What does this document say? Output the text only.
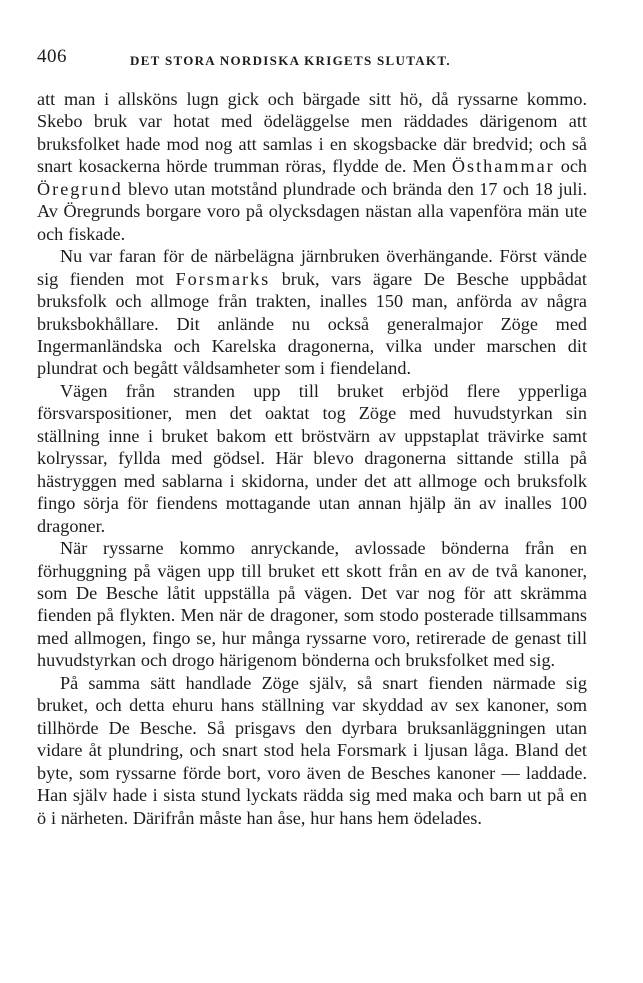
406	DET STORA NORDISKA KRIGETS SLUTAKT.

att man i allsköns lugn gick och bärgade sitt hö, då ryssarne kommo. Skebo bruk var hotat med ödeläggelse men räddades därigenom att bruksfolket hade mod nog att samlas i en skogsbacke där bredvid; och så snart kosackerna hörde trumman röras, flydde de. Men Östhammar och Öregrund blevo utan motstånd plundrade och brända den 17 och 18 juli. Av Öregrunds borgare voro på olycksdagen nästan alla vapenföra män ute och fiskade.

Nu var faran för de närbelägna järnbruken överhängande. Först vände sig fienden mot Forsmarks bruk, vars ägare De Besche uppbådat bruksfolk och allmoge från trakten, inalles 150 man, anförda av några bruksbokhållare. Dit anlände nu också generalmajor Zöge med Ingermanländska och Karelska dragonerna, vilka under marschen dit plundrat och begått våldsamheter som i fiendeland.

Vägen från stranden upp till bruket erbjöd flere ypperliga försvarspositioner, men det oaktat tog Zöge med huvudstyrkan sin ställning inne i bruket bakom ett bröstvärn av uppstaplat trävirke samt kolryssar, fyllda med gödsel. Här blevo dragonerna sittande stilla på hästryggen med sablarna i skidorna, under det att allmoge och bruksfolk fingo sörja för fiendens mottagande utan annan hjälp än av inalles 100 dragoner.

När ryssarne kommo anryckande, avlossade bönderna från en förhuggning på vägen upp till bruket ett skott från en av de två kanoner, som De Besche låtit uppställa på vägen. Det var nog för att skrämma fienden på flykten. Men när de dragoner, som stodo posterade tillsammans med allmogen, fingo se, hur många ryssarne voro, retirerade de genast till huvudstyrkan och drogo härigenom bönderna och bruksfolket med sig.

På samma sätt handlade Zöge själv, så snart fienden närmade sig bruket, och detta ehuru hans ställning var skyddad av sex kanoner, som tillhörde De Besche. Så prisgavs den dyrbara bruksanläggningen utan vidare åt plundring, och snart stod hela Forsmark i ljusan låga. Bland det byte, som ryssarne förde bort, voro även de Besches kanoner — laddade. Han själv hade i sista stund lyckats rädda sig med maka och barn ut på en ö i närheten. Därifrån måste han åse, hur hans hem ödelades.
